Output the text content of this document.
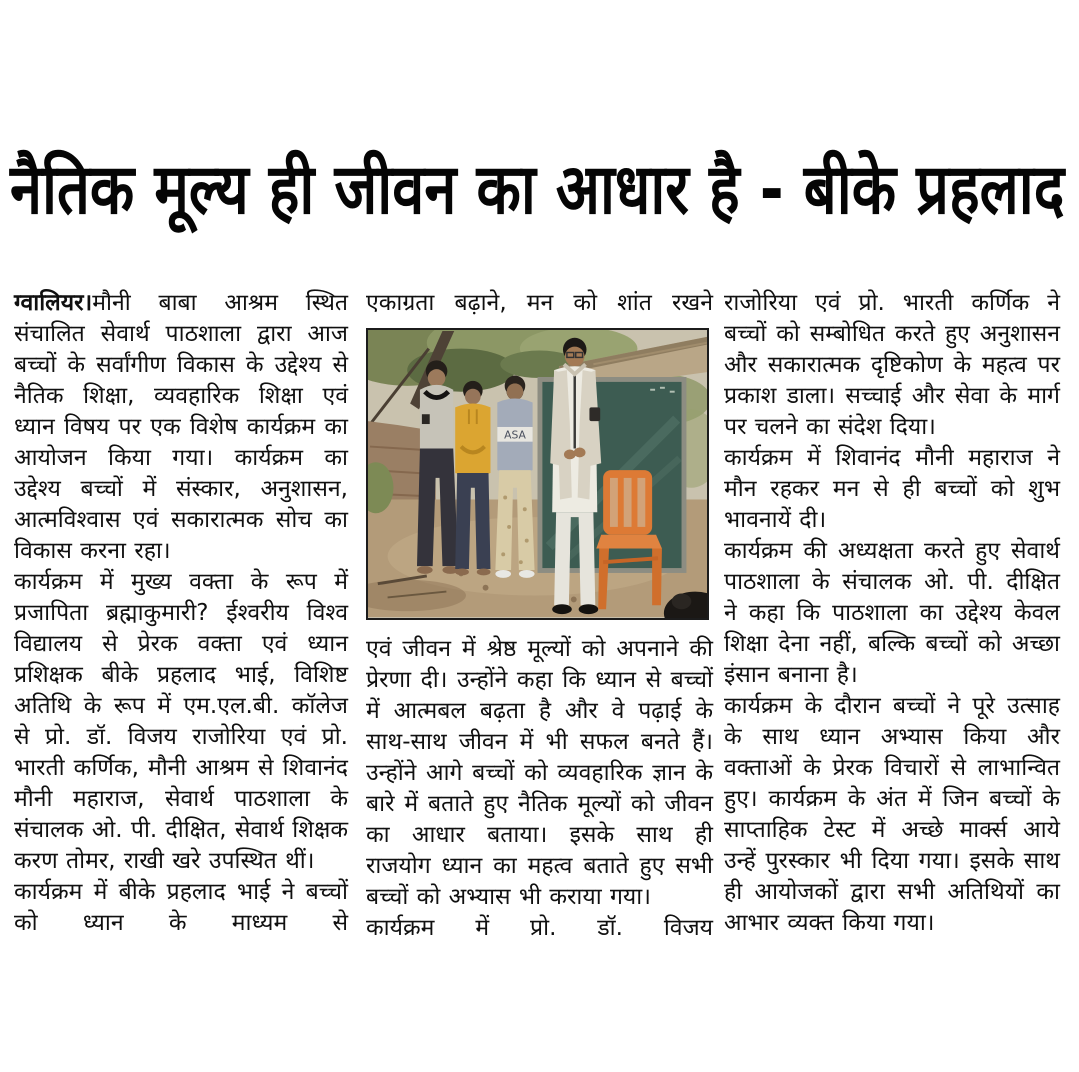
नैतिक मूल्य ही जीवन का आधार है - बीके प्रहलाद

ग्वालियर।मौनी बाबा आश्रम स्थित संचालित सेवार्थ पाठशाला द्वारा आज बच्चों के सर्वांगीण विकास के उद्देश्य से नैतिक शिक्षा, व्यवहारिक शिक्षा एवं ध्यान विषय पर एक विशेष कार्यक्रम का आयोजन किया गया। कार्यक्रम का उद्देश्य बच्चों में संस्कार, अनुशासन, आत्मविश्वास एवं सकारात्मक सोच का विकास करना रहा।

कार्यक्रम में मुख्य वक्ता के रूप में प्रजापिता ब्रह्माकुमारी? ईश्वरीय विश्व विद्यालय से प्रेरक वक्ता एवं ध्यान प्रशिक्षक बीके प्रहलाद भाई, विशिष्ट अतिथि के रूप में एम.एल.बी. कॉलेज से प्रो. डॉ. विजय राजोरिया एवं प्रो. भारती कर्णिक, मौनी आश्रम से शिवानंद मौनी महाराज, सेवार्थ पाठशाला के संचालक ओ. पी. दीक्षित, सेवार्थ शिक्षक करण तोमर, राखी खरे उपस्थित थीं।

कार्यक्रम में बीके प्रहलाद भाई ने बच्चों को ध्यान के माध्यम से

एकाग्रता बढ़ाने, मन को शांत रखने

ASA

एवं जीवन में श्रेष्ठ मूल्यों को अपनाने की प्रेरणा दी। उन्होंने कहा कि ध्यान से बच्चों में आत्मबल बढ़ता है और वे पढ़ाई के साथ-साथ जीवन में भी सफल बनते हैं। उन्होंने आगे बच्चों को व्यवहारिक ज्ञान के बारे में बताते हुए नैतिक मूल्यों को जीवन का आधार बताया। इसके साथ ही राजयोग ध्यान का महत्व बताते हुए सभी बच्चों को अभ्यास भी कराया गया।

कार्यक्रम में प्रो. डॉ. विजय

राजोरिया एवं प्रो. भारती कर्णिक ने बच्चों को सम्बोधित करते हुए अनुशासन और सकारात्मक दृष्टिकोण के महत्व पर प्रकाश डाला। सच्चाई और सेवा के मार्ग पर चलने का संदेश दिया।

कार्यक्रम में शिवानंद मौनी महाराज ने मौन रहकर मन से ही बच्चों को शुभ भावनायें दी।

कार्यक्रम की अध्यक्षता करते हुए सेवार्थ पाठशाला के संचालक ओ. पी. दीक्षित ने कहा कि पाठशाला का उद्देश्य केवल शिक्षा देना नहीं, बल्कि बच्चों को अच्छा इंसान बनाना है।

कार्यक्रम के दौरान बच्चों ने पूरे उत्साह के साथ ध्यान अभ्यास किया और वक्ताओं के प्रेरक विचारों से लाभान्वित हुए। कार्यक्रम के अंत में जिन बच्चों के साप्ताहिक टेस्ट में अच्छे मार्क्स आये उन्हें पुरस्कार भी दिया गया। इसके साथ ही आयोजकों द्वारा सभी अतिथियों का आभार व्यक्त किया गया।
